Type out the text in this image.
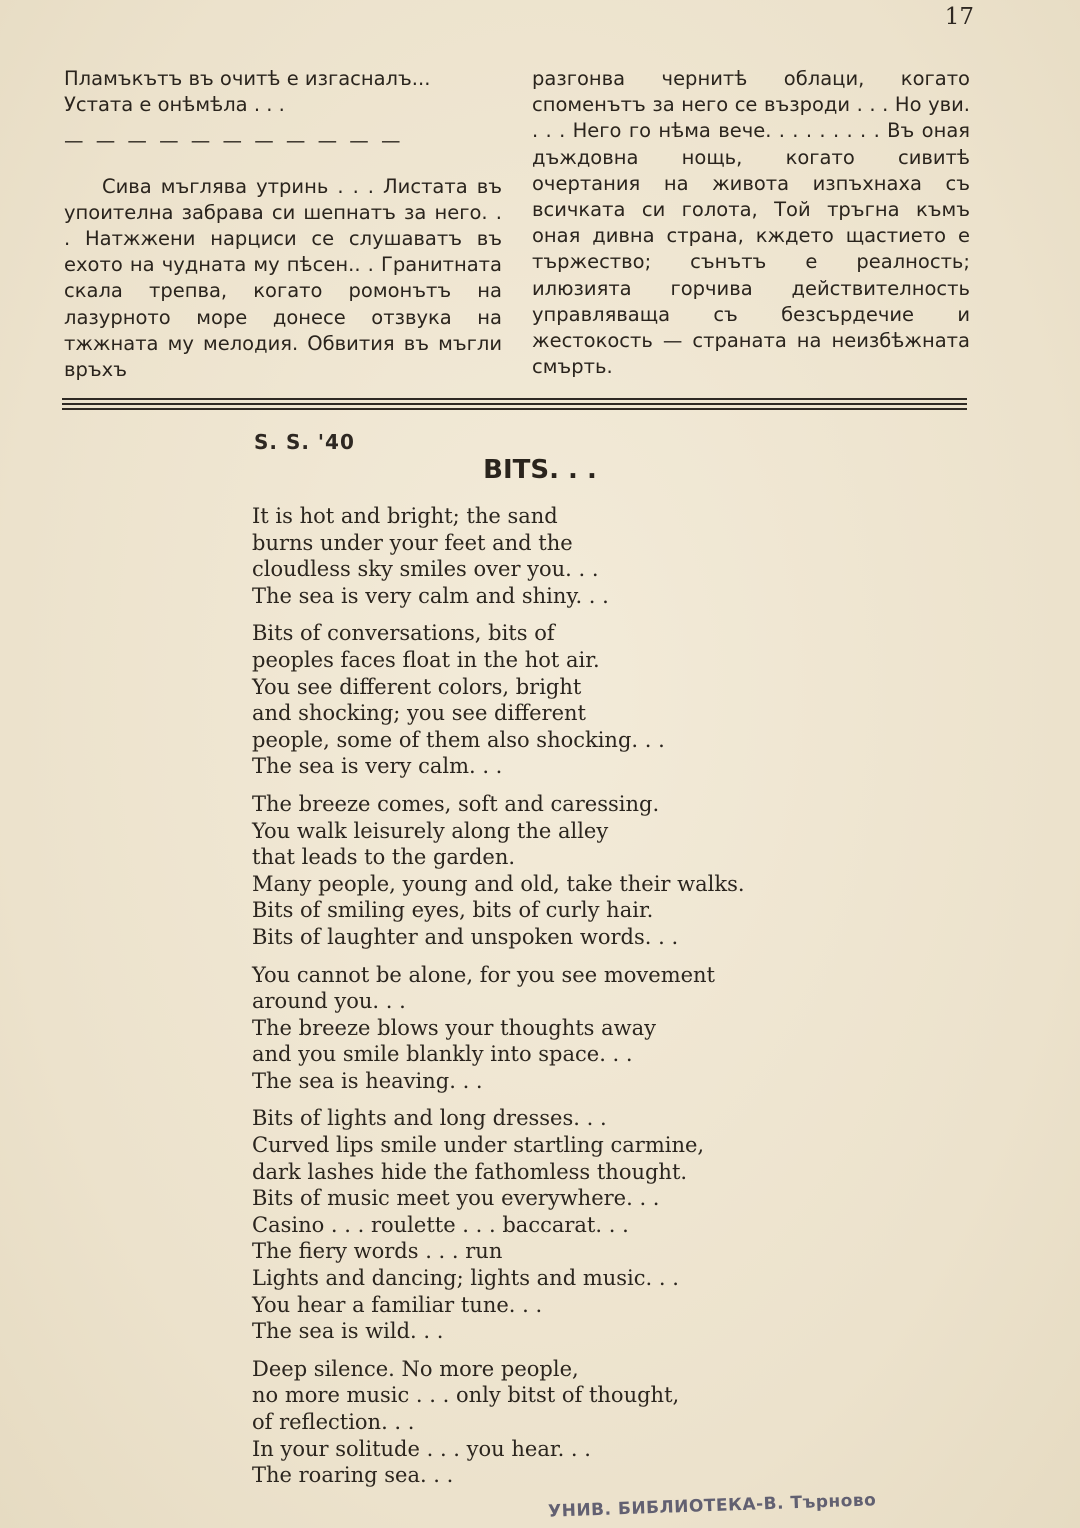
17

Пламъкътъ въ очитѣ е изгасналъ...

Устата е онѣмѣла . . .

— — — — — — — — — — —

Сива мъглява утринь . . . Листата въ упоителна забрава си шепнатъ за него. . . Натжжени нарциси се слушаватъ въ ехото на чудната му пѣсен.. . Гранитната скала трепва, когато ромонътъ на лазурното море донесе отзвука на тжжната му мелодия. Обвития въ мъгли връхъ

разгонва чернитѣ облаци, когато споменътъ за него се възроди . . . Но уви. . . . Него го нѣма вече. . . . . . . . . Въ оная дъждовна нощь, когато сивитѣ очертания на живота изпъхнаха съ всичката си голота, Той тръгна къмъ оная дивна страна, кждето щастието е тържество; сънътъ е реалность; илюзията горчива действителность управляваща съ безсърдечие и жестокость — страната на неизбѣжната смърть.

S. S. '40
BITS. . .
It is hot and bright; the sand
burns under your feet and the
cloudless sky smiles over you. . .
The sea is very calm and shiny. . .
Bits of conversations, bits of
peoples faces float in the hot air.
You see different colors, bright
and shocking; you see different
people, some of them also shocking. . .
The sea is very calm. . .
The breeze comes, soft and caressing.
You walk leisurely along the alley
that leads to the garden.
Many people, young and old, take their walks.
Bits of smiling eyes, bits of curly hair.
Bits of laughter and unspoken words. . .
You cannot be alone, for you see movement
around you. . .
The breeze blows your thoughts away
and you smile blankly into space. . .
The sea is heaving. . .
Bits of lights and long dresses. . .
Curved lips smile under startling carmine,
dark lashes hide the fathomless thought.
Bits of music meet you everywhere. . .
Casino . . . roulette . . . baccarat. . .
The fiery words . . . run
Lights and dancing; lights and music. . .
You hear a familiar tune. . .
The sea is wild. . .
Deep silence. No more people,
no more music . . . only bitst of thought,
of reflection. . .
In your solitude . . . you hear. . .
The roaring sea. . .
УНИВ. БИБЛИОТЕКА-В. Търново
